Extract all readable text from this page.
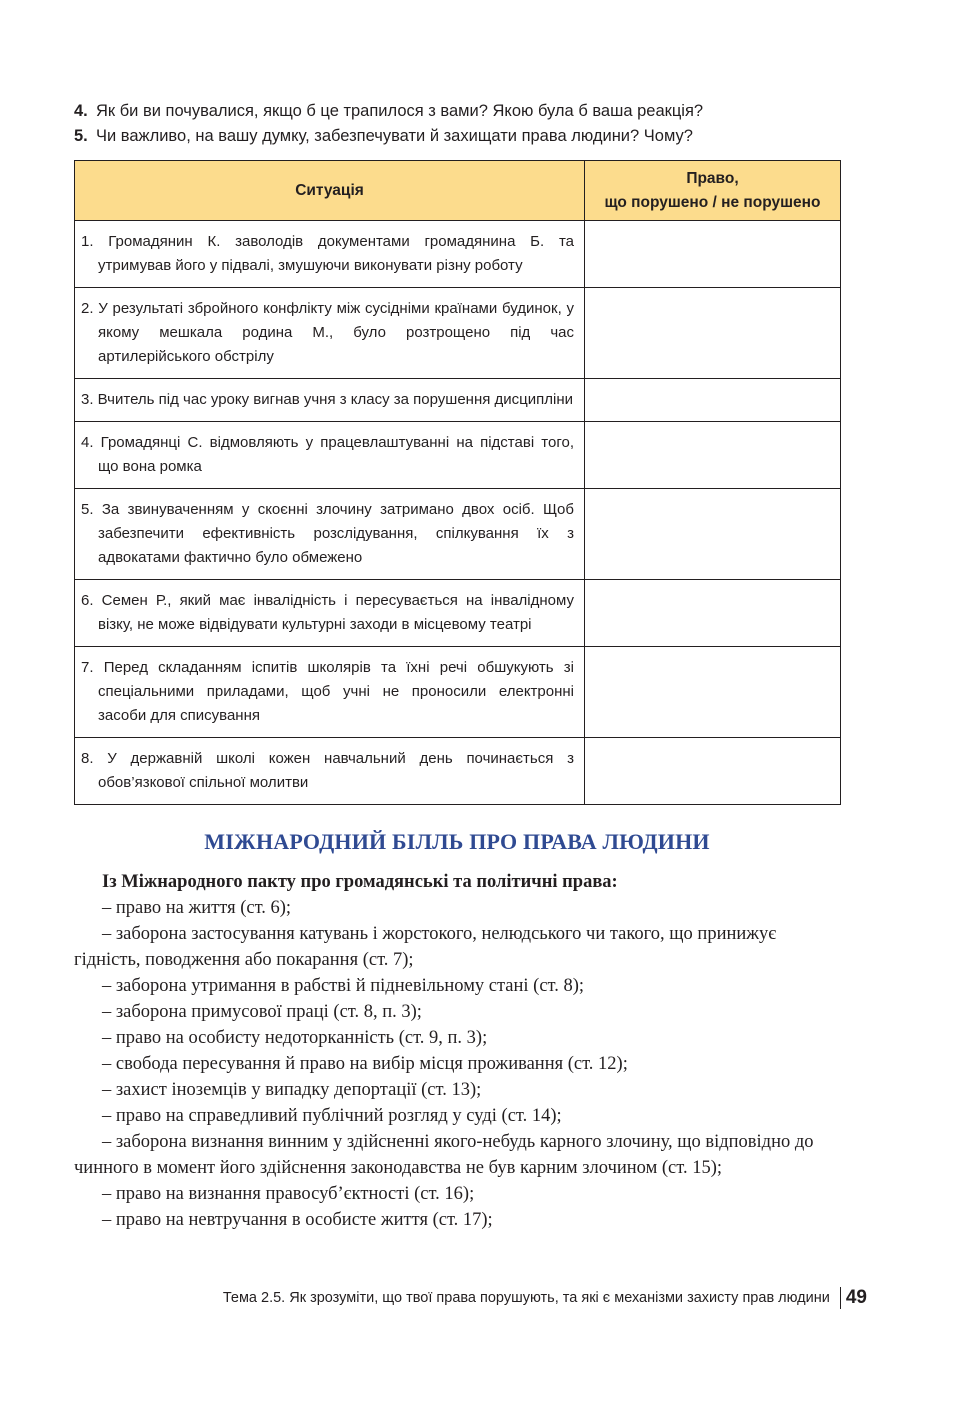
4. Як би ви почувалися, якщо б це трапилося з вами? Якою була б ваша реакція?
5. Чи важливо, на вашу думку, забезпечувати й захищати права людини? Чому?
Ситуація	Право,
що порушено / не порушено

1. Громадянин К. заволодів документами громадянина Б. та утримував його у підвалі, змушуючи виконувати різну роботу	

2. У результаті збройного конфлікту між сусідніми країнами будинок, у якому мешкала родина М., було розтрощено під час артилерійського обстрілу	

3. Вчитель під час уроку вигнав учня з класу за порушення дисципліни	

4. Громадянці С. відмовляють у працевлаштуванні на підставі того, що вона ромка	

5. За звинуваченням у скоєнні злочину затримано двох осіб. Щоб забезпечити ефективність розслідування, спілкування їх з адвокатами фактично було обмежено	

6. Семен Р., який має інвалідність і пересувається на інвалідному візку, не може відвідувати культурні заходи в місцевому театрі	

7. Перед складанням іспитів школярів та їхні речі обшукують зі спеціальними приладами, щоб учні не проносили електронні засоби для списування	

8. У державній школі кожен навчальний день починається з обов’язкової спільної молитви	

МІЖНАРОДНИЙ БІЛЛЬ ПРО ПРАВА ЛЮДИНИ

Із Міжнародного пакту про громадянські та політичні права:

– право на життя (ст. 6);

– заборона застосування катувань і жорстокого, нелюдського чи такого, що принижує гідність, поводження або покарання (ст. 7);

– заборона утримання в рабстві й підневільному стані (ст. 8);

– заборона примусової праці (ст. 8, п. 3);

– право на особисту недоторканність (ст. 9, п. 3);

– свобода пересування й право на вибір місця проживання (ст. 12);

– захист іноземців у випадку депортації (ст. 13);

– право на справедливий публічний розгляд у суді (ст. 14);

– заборона визнання винним у здійсненні якого-небудь карного злочину, що відповідно до чинного в момент його здійснення законодавства не був карним злочином (ст. 15);

– право на визнання правосуб’єктності (ст. 16);

– право на невтручання в особисте життя (ст. 17);

Тема 2.5. Як зрозуміти, що твої права порушують, та які є механізми захисту прав людини 49
